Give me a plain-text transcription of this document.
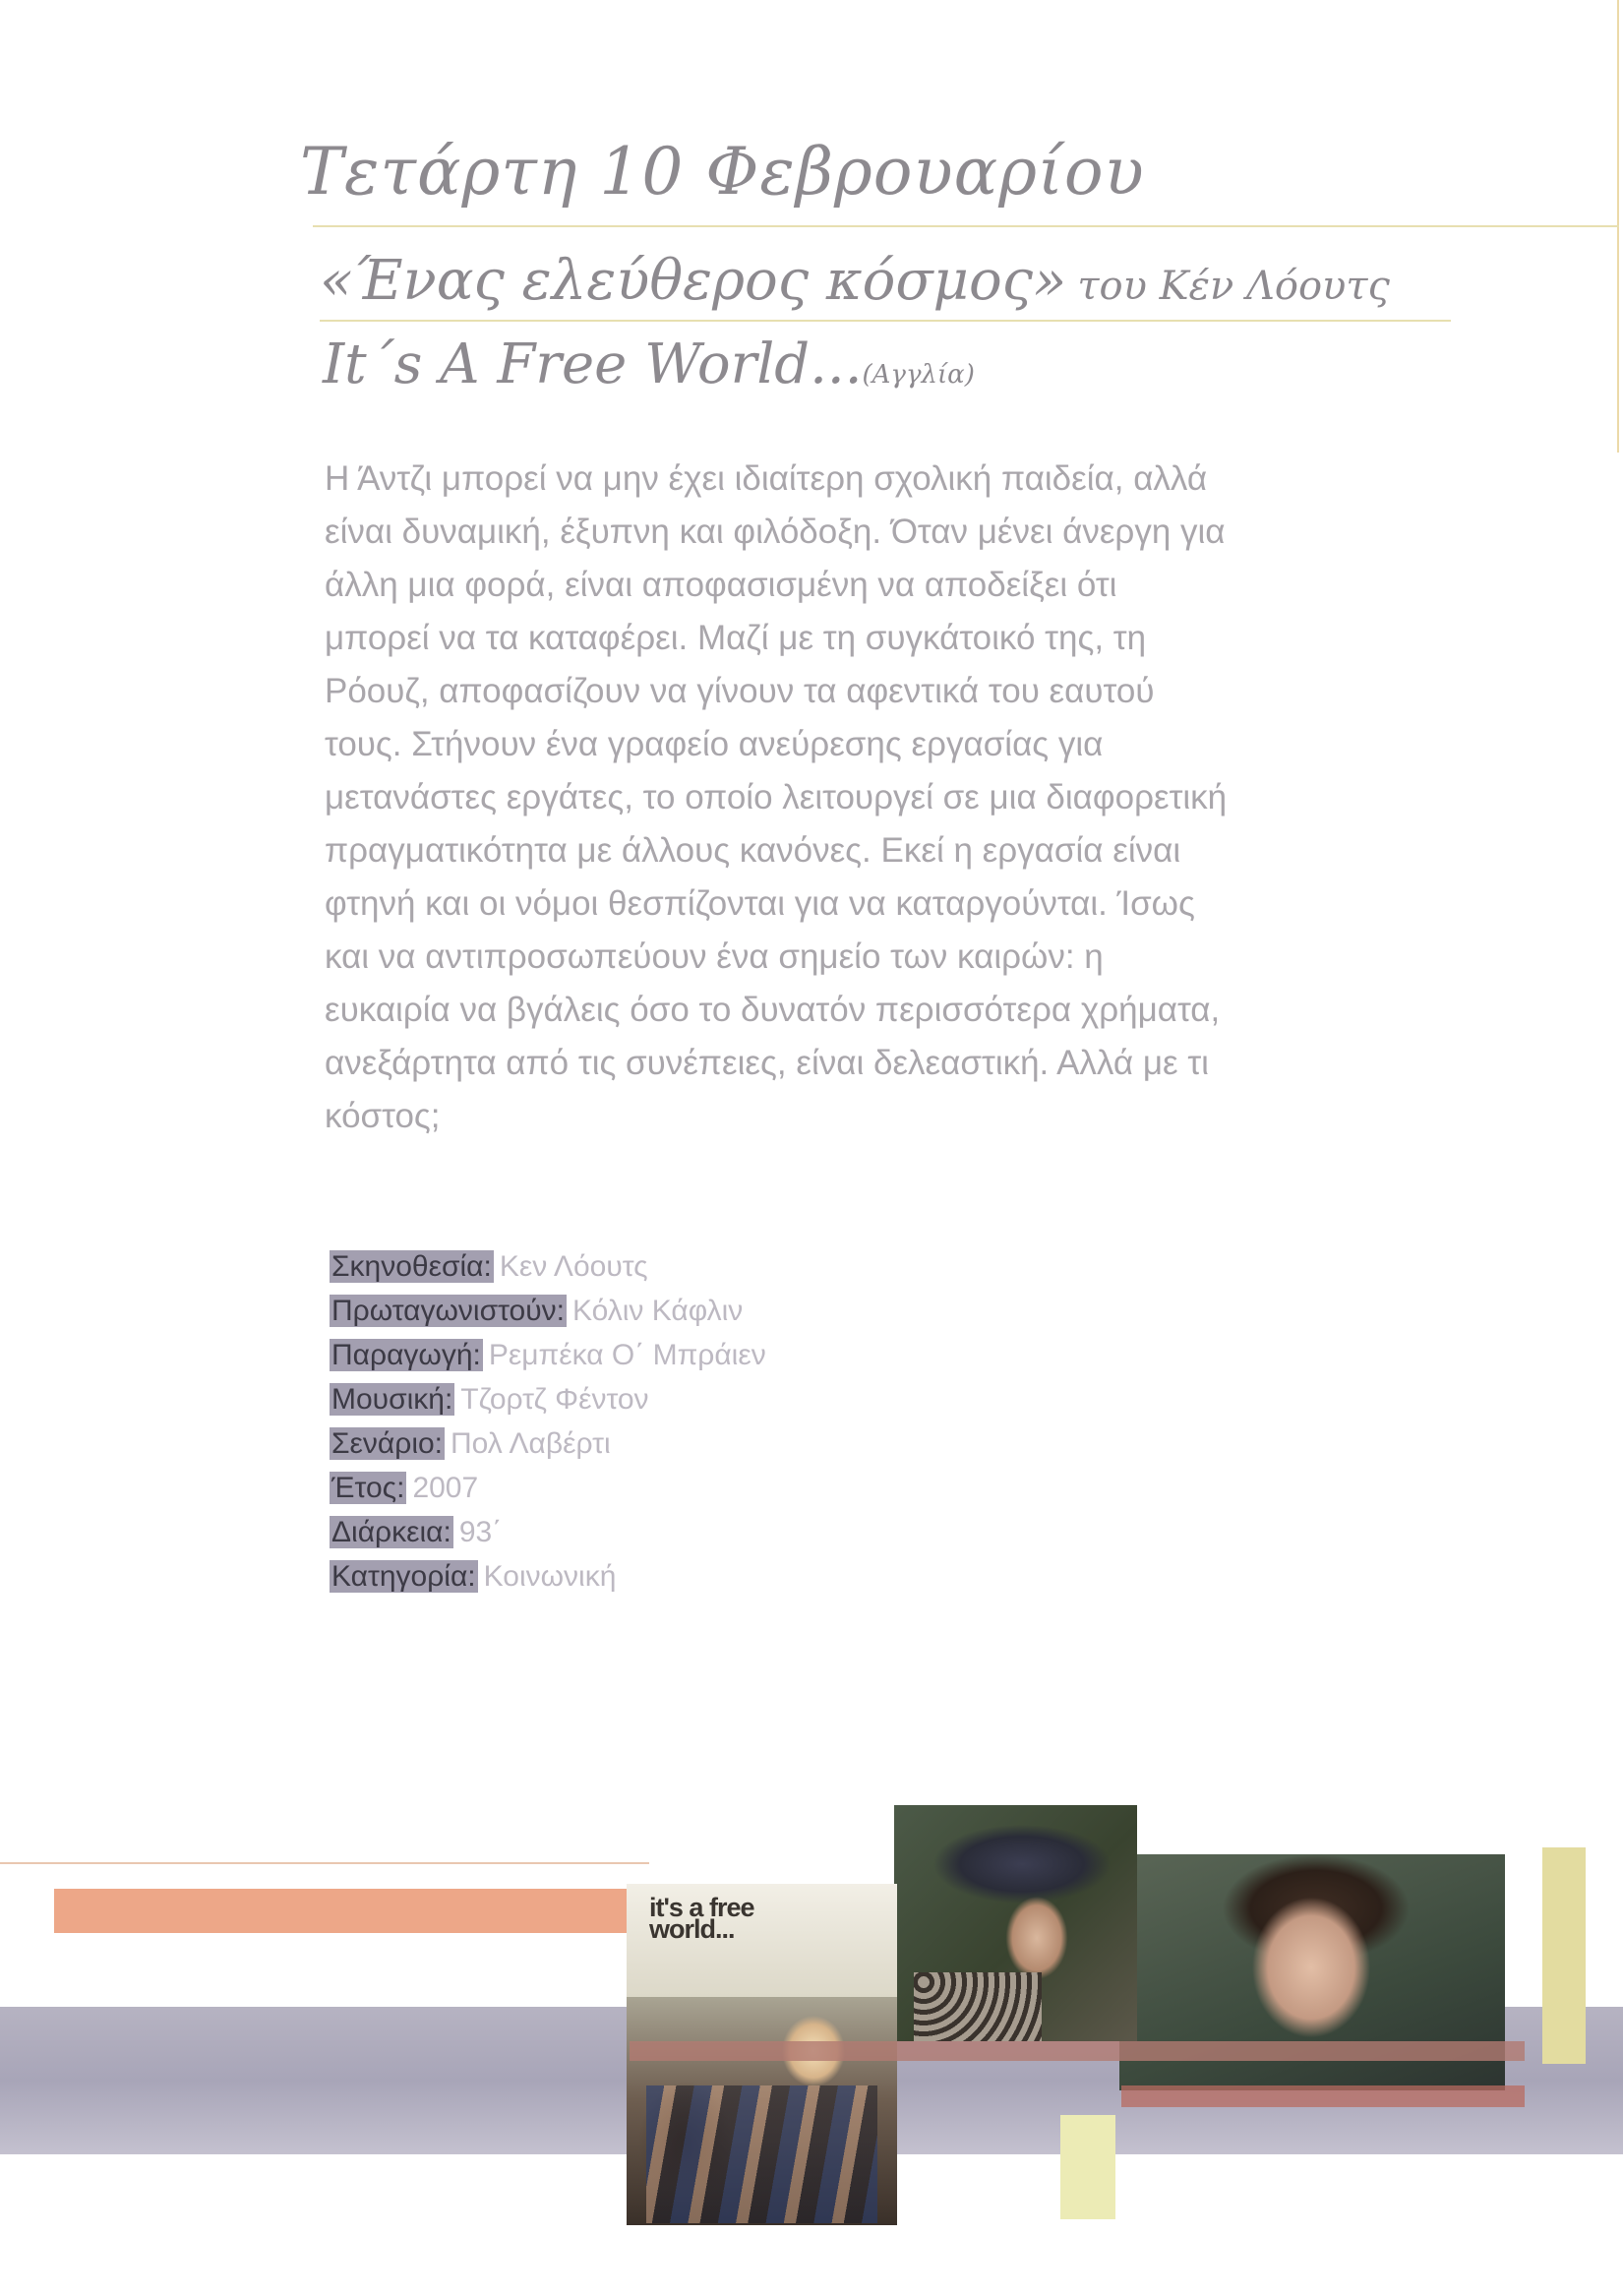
Τετάρτη 10 Φεβρουαρίου
«Ένας ελεύθερος κόσμος» του Κέν Λόουτς
It΄s A Free World...(Αγγλία)

Η Άντζι μπορεί να μην έχει ιδιαίτερη σχολική παιδεία, αλλά είναι δυναμική, έξυπνη και φιλόδοξη. Όταν μένει άνεργη για άλλη μια φορά, είναι αποφασισμένη να αποδείξει ότι μπορεί να τα καταφέρει. Μαζί με τη συγκάτοικό της, τη Ρόουζ, αποφασίζουν να γίνουν τα αφεντικά του εαυτού τους. Στήνουν ένα γραφείο ανεύρεσης εργασίας για μετανάστες εργάτες, το οποίο λειτουργεί σε μια διαφορετική πραγματικότητα με άλλους κανόνες. Εκεί η εργασία είναι φτηνή και οι νόμοι θεσπίζονται για να καταργούνται. Ίσως και να αντιπροσωπεύουν ένα σημείο των καιρών: η ευκαιρία να βγάλεις όσο το δυνατόν περισσότερα χρήματα, ανεξάρτητα από τις συνέπειες, είναι δελεαστική. Αλλά με τι κόστος;

Σκηνοθεσία: Κεν Λόουτς
Πρωταγωνιστούν: Κόλιν Κάφλιν
Παραγωγή: Ρεμπέκα Ο΄ Μπράιεν
Μουσική: Τζορτζ Φέντον
Σενάριο: Πολ Λαβέρτι
Έτος: 2007
Διάρκεια: 93΄
Κατηγορία: Κοινωνική
it's a free world...
